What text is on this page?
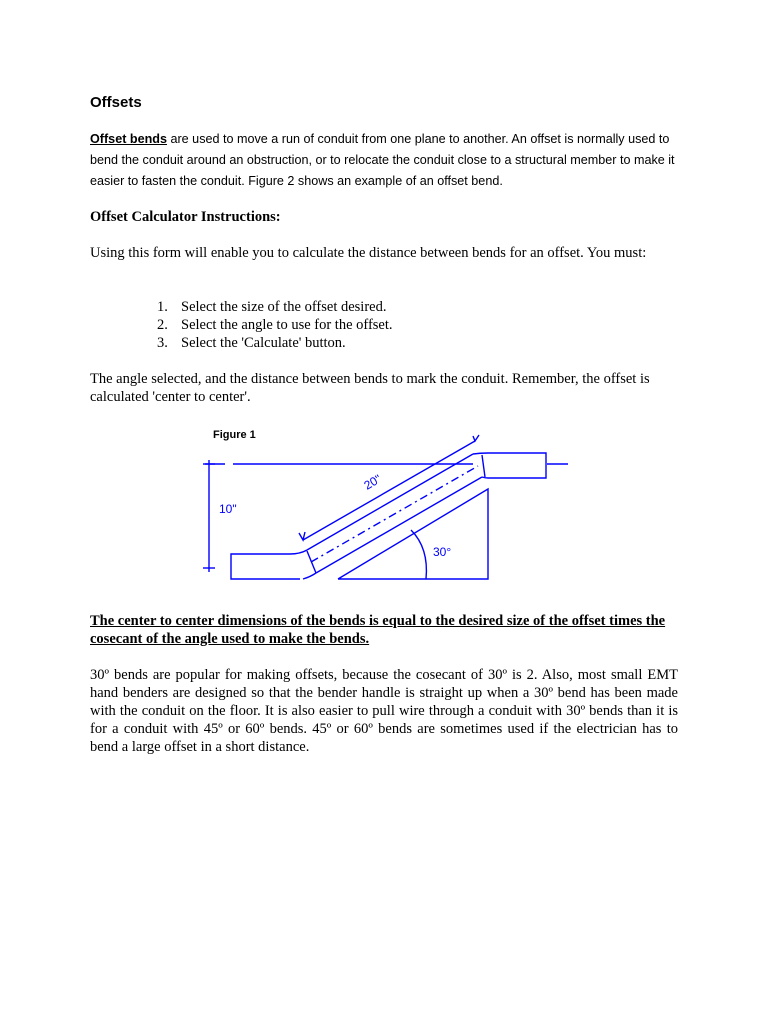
Offsets

Offset bends are used to move a run of conduit from one plane to another. An offset is normally used to bend the conduit around an obstruction, or to relocate the conduit close to a structural member to make it easier to fasten the conduit. Figure 2 shows an example of an offset bend.

Offset Calculator Instructions:

Using this form will enable you to calculate the distance between bends for an offset. You must:

1. Select the size of the offset desired.
2. Select the angle to use for the offset.
3. Select the 'Calculate' button.

The angle selected, and the distance between bends to mark the conduit. Remember, the offset is calculated 'center to center'.

Figure 1
10"
20"
30°

The center to center dimensions of the bends is equal to the desired size of the offset times the cosecant of the angle used to make the bends.

30º bends are popular for making offsets, because the cosecant of 30º is 2. Also, most small EMT hand benders are designed so that the bender handle is straight up when a 30º bend has been made with the conduit on the floor. It is also easier to pull wire through a conduit with 30º bends than it is for a conduit with 45º or 60º bends. 45º or 60º bends are sometimes used if the electrician has to bend a large offset in a short distance.
